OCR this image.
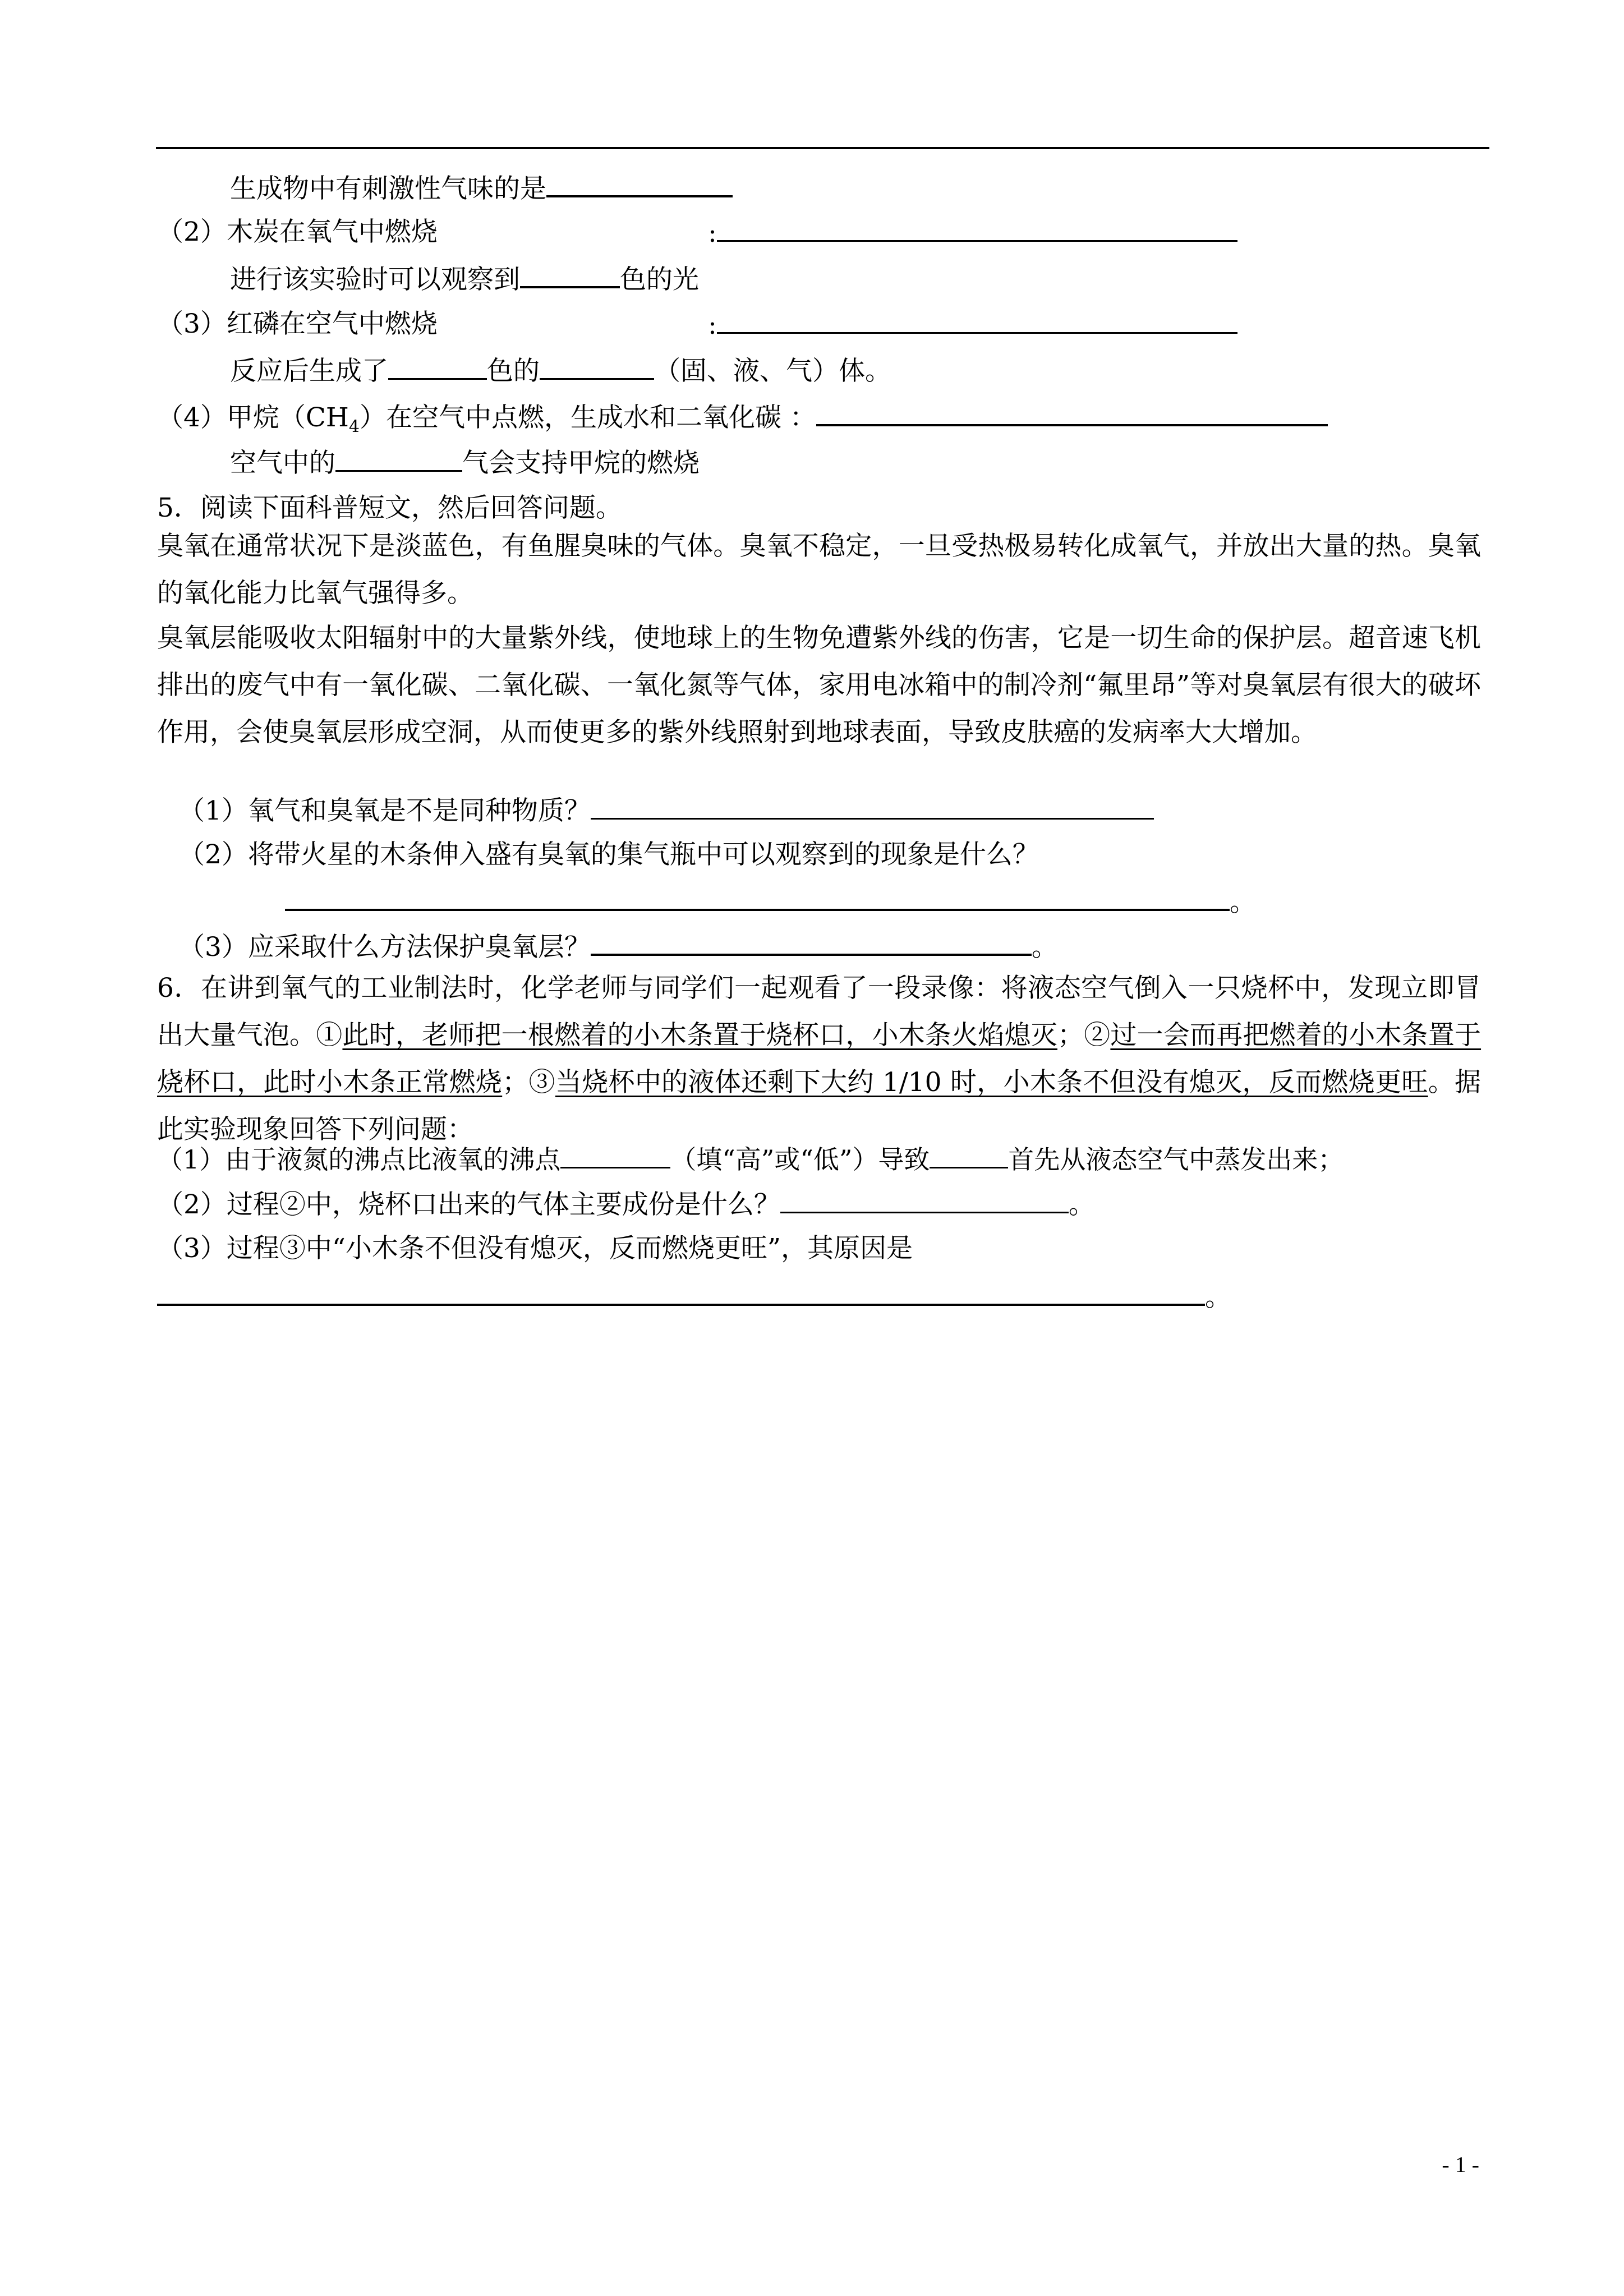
生成物中有刺激性气味的是
（2）木炭在氧气中燃烧	:
进行该实验时可以观察到	色的光
（3）红磷在空气中燃烧	:
反应后生成了	色的	（固、液、气）体。
（4）甲烷$(CH_4)$在空气中点燃，生成水和二氧化碳 ：
空气中的	气会支持甲烷的燃烧
5．阅读下面科普短文，然后回答问题。
臭氧在通常状况下是淡蓝色，有鱼腥臭味的气体。臭氧不稳定，一旦受热极易转化成氧气，并放出大量的热。臭氧的氧化能力比氧气强得多。
臭氧层能吸收太阳辐射中的大量紫外线，使地球上的生物免遭紫外线的伤害，它是一切生命的保护层。超音速飞机排出的废气中有一氧化碳、二氧化碳、一氧化氮等气体，家用电冰箱中的制冷剂“氟里昂”等对臭氧层有很大的破坏作用，会使臭氧层形成空洞，从而使更多的紫外线照射到地球表面，导致皮肤癌的发病率大大增加。
（1）氧气和臭氧是不是同种物质？
（2）将带火星的木条伸入盛有臭氧的集气瓶中可以观察到的现象是什么？
。
（3）应采取什么方法保护臭氧层？	。
6．在讲到氧气的工业制法时，化学老师与同学们一起观看了一段录像：将液态空气倒入一只烧杯中，发现立即冒出大量气泡。①此时，老师把一根燃着的小木条置于烧杯口，小木条火焰熄灭；②过一会而再把燃着的小木条置于烧杯口，此时小木条正常燃烧；③当烧杯中的液体还剩下大约 1/10 时，小木条不但没有熄灭，反而燃烧更旺。据此实验现象回答下列问题：
（1）由于液氮的沸点比液氧的沸点	（填“高”或“低”）导致	首先从液态空气中蒸发出来；
（2）过程②中，烧杯口出来的气体主要成份是什么？	。
（3）过程③中“小木条不但没有熄灭，反而燃烧更旺”，其原因是
。
- 1 -
